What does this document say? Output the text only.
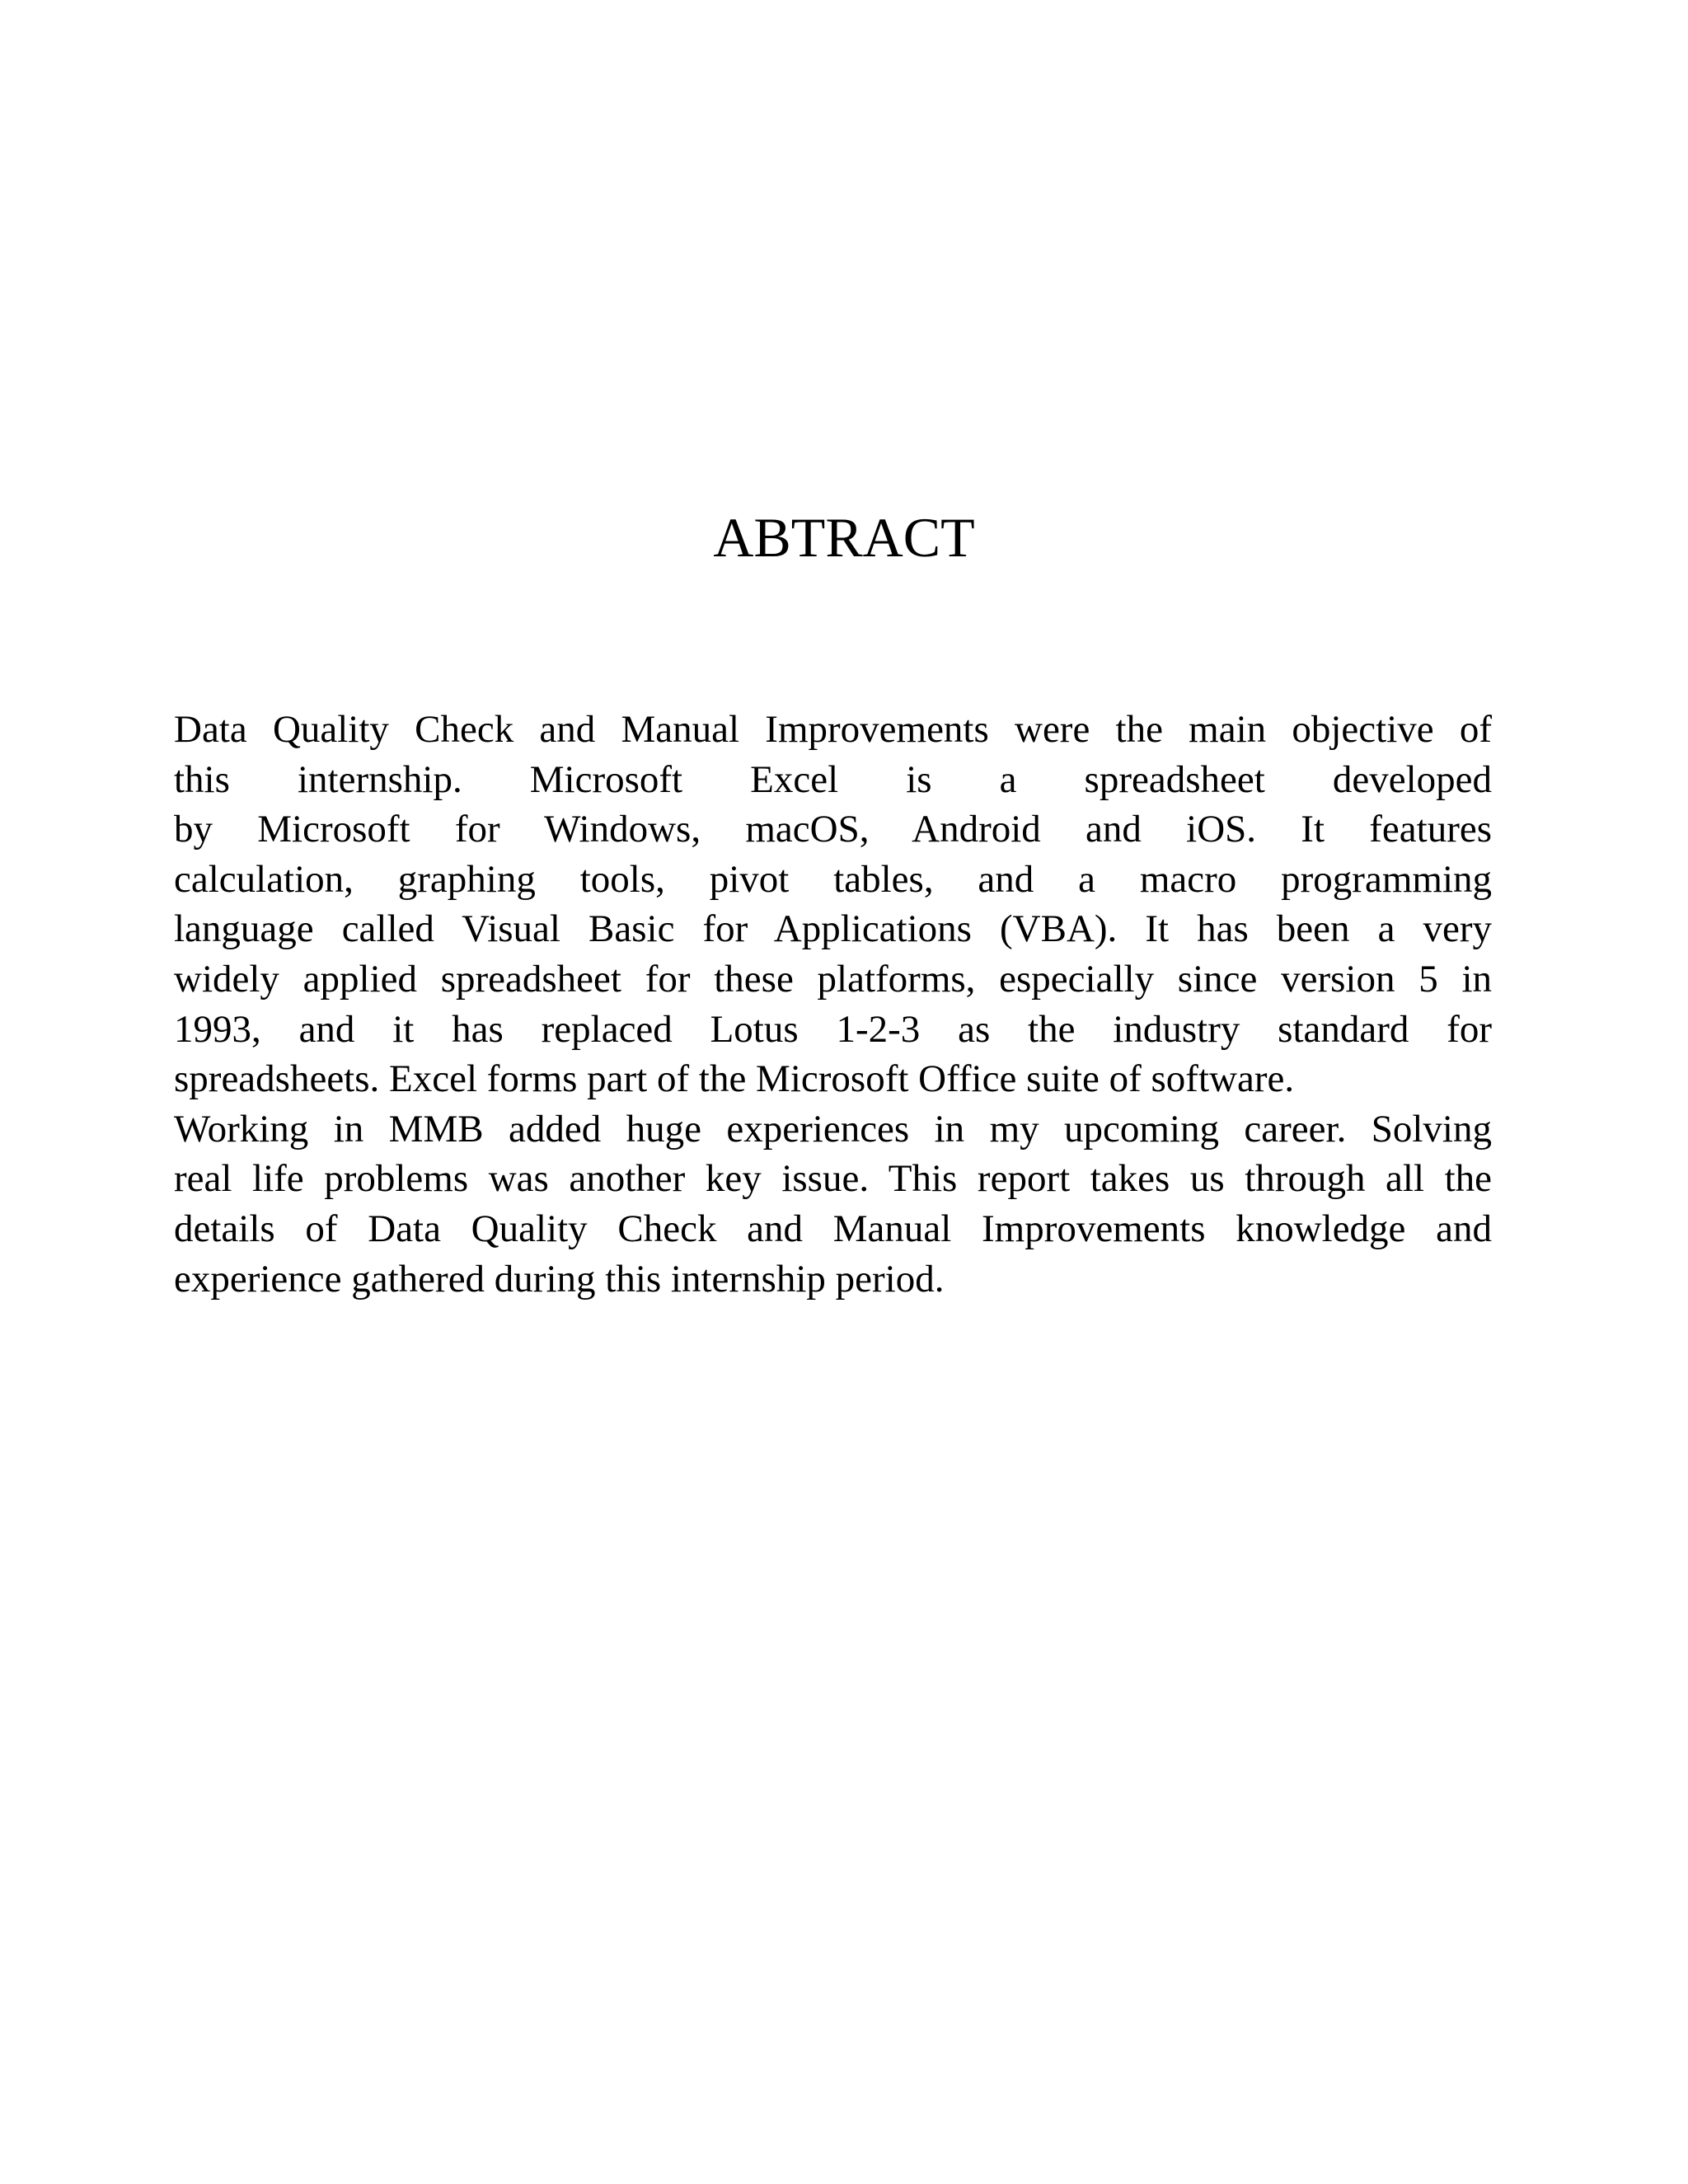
ABTRACT
Data Quality Check and Manual Improvements were the main objective of
this internship. Microsoft Excel is a spreadsheet developed
by Microsoft for Windows, macOS, Android and iOS. It features
calculation, graphing tools, pivot tables, and a macro programming
language called Visual Basic for Applications (VBA). It has been a very
widely applied spreadsheet for these platforms, especially since version 5 in
1993, and it has replaced Lotus 1-2-3 as the industry standard for
spreadsheets. Excel forms part of the Microsoft Office suite of software.
Working in MMB added huge experiences in my upcoming career. Solving
real life problems was another key issue. This report takes us through all the
details of Data Quality Check and Manual Improvements knowledge and
experience gathered during this internship period.
